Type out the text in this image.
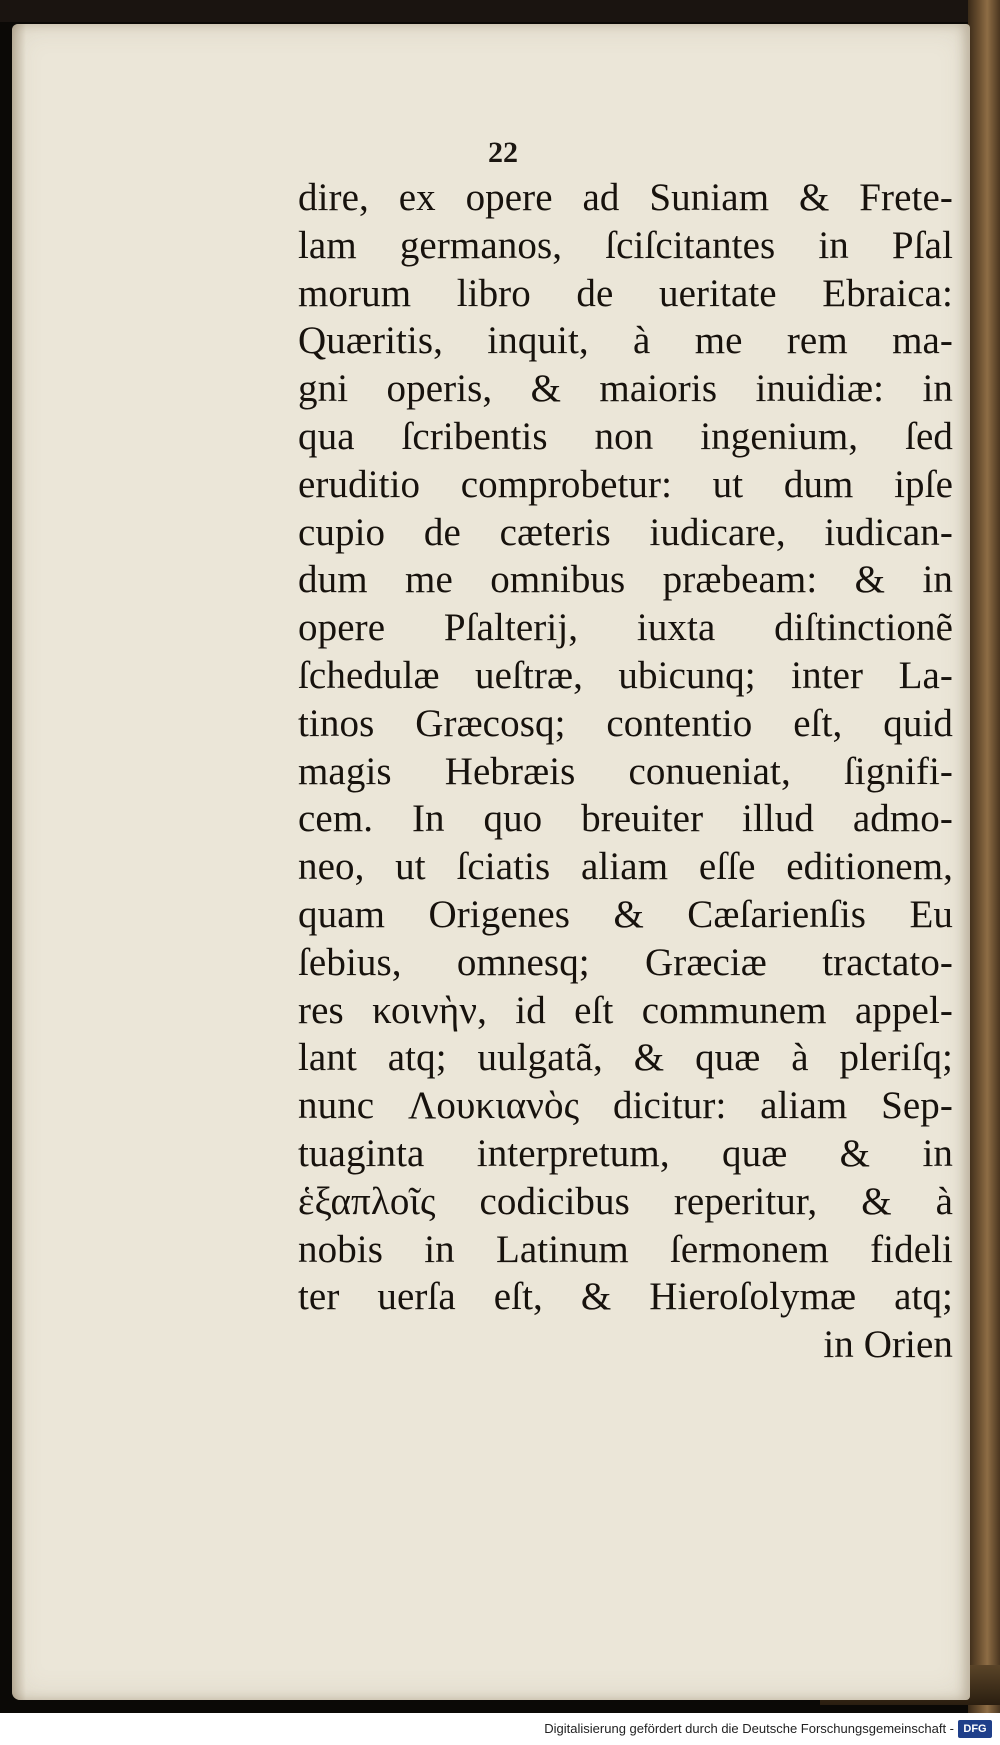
22
dire, ex opere ad Suniam & Frete-
lam germanos, ſciſcitantes in Pſal
morum libro de ueritate Ebraica:
Quæritis, inquit, à me rem ma-
gni operis, & maioris inuidiæ: in
qua ſcribentis non ingenium, ſed
eruditio comprobetur: ut dum ipſe
cupio de cæteris iudicare, iudican-
dum me omnibus præbeam: & in
opere Pſalterij, iuxta diſtinctionẽ
ſchedulæ ueſtræ, ubicunq; inter La-
tinos Græcosq; contentio eſt, quid
magis Hebræis conueniat, ſignifi-
cem. In quo breuiter illud admo-
neo, ut ſciatis aliam eſſe editionem,
quam Origenes & Cæſarienſis Eu
ſebius, omnesq; Græciæ tractato-
res κοινὴν, id eſt communem appel-
lant atq; uulgatã, & quæ à pleriſq;
nunc Λουκιανὸς dicitur: aliam Sep-
tuaginta interpretum, quæ & in
ἑξαπλοῖς codicibus reperitur, & à
nobis in Latinum ſermonem fideli
ter uerſa eſt, & Hieroſolymæ atq;
in Orien
Digitalisierung gefördert durch die Deutsche Forschungsgemeinschaft - DFG
